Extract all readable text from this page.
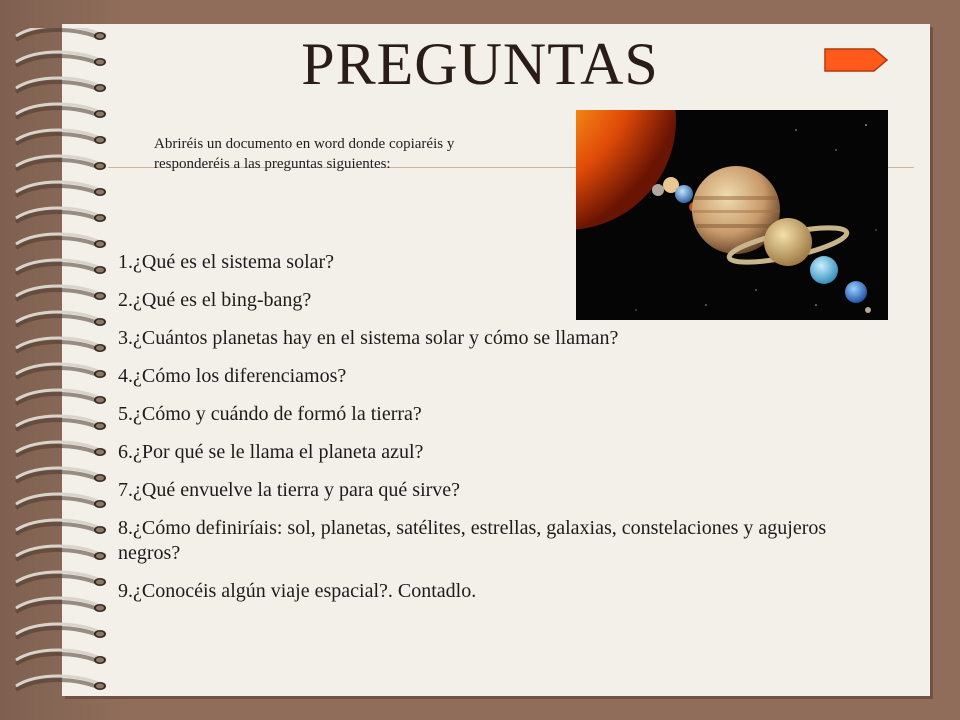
PREGUNTAS
Abriréis un documento en word donde copiaréis y responderéis a las preguntas siguientes:
1.¿Qué es el sistema solar?
2.¿Qué es el bing-bang?
3.¿Cuántos planetas hay en el sistema solar y cómo se llaman?
4.¿Cómo los diferenciamos?
5.¿Cómo y cuándo de formó la tierra?
6.¿Por qué se le llama el planeta azul?
7.¿Qué envuelve la tierra y para qué sirve?
8.¿Cómo definiríais: sol, planetas, satélites, estrellas, galaxias, constelaciones y agujeros negros?
9.¿Conocéis algún viaje espacial?. Contadlo.
